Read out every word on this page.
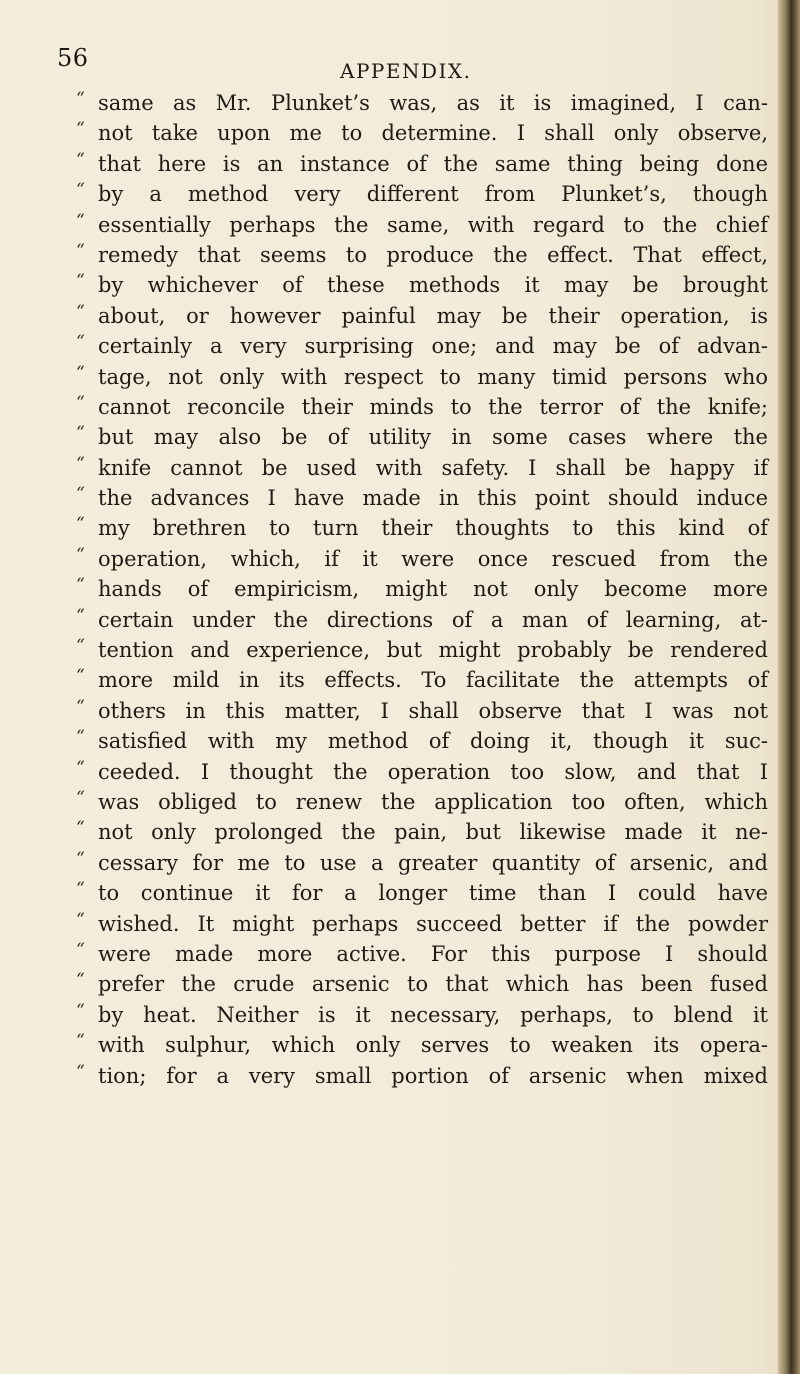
56	APPENDIX.
“ same as Mr. Plunket’s was, as it is imagined, I can-
“ not take upon me to determine. I shall only observe,
“ that here is an instance of the same thing being done
“ by a method very different from Plunket’s, though
“ essentially perhaps the same, with regard to the chief
“ remedy that seems to produce the effect. That effect,
“ by whichever of these methods it may be brought
“ about, or however painful may be their operation, is
“ certainly a very surprising one; and may be of advan-
“ tage, not only with respect to many timid persons who
“ cannot reconcile their minds to the terror of the knife;
“ but may also be of utility in some cases where the
“ knife cannot be used with safety. I shall be happy if
“ the advances I have made in this point should induce
“ my brethren to turn their thoughts to this kind of
“ operation, which, if it were once rescued from the
“ hands of empiricism, might not only become more
“ certain under the directions of a man of learning, at-
“ tention and experience, but might probably be rendered
“ more mild in its effects. To facilitate the attempts of
“ others in this matter, I shall observe that I was not
“ satisfied with my method of doing it, though it suc-
“ ceeded. I thought the operation too slow, and that I
“ was obliged to renew the application too often, which
“ not only prolonged the pain, but likewise made it ne-
“ cessary for me to use a greater quantity of arsenic, and
“ to continue it for a longer time than I could have
“ wished. It might perhaps succeed better if the powder
“ were made more active. For this purpose I should
“ prefer the crude arsenic to that which has been fused
“ by heat. Neither is it necessary, perhaps, to blend it
“ with sulphur, which only serves to weaken its opera-
“ tion; for a very small portion of arsenic when mixed
